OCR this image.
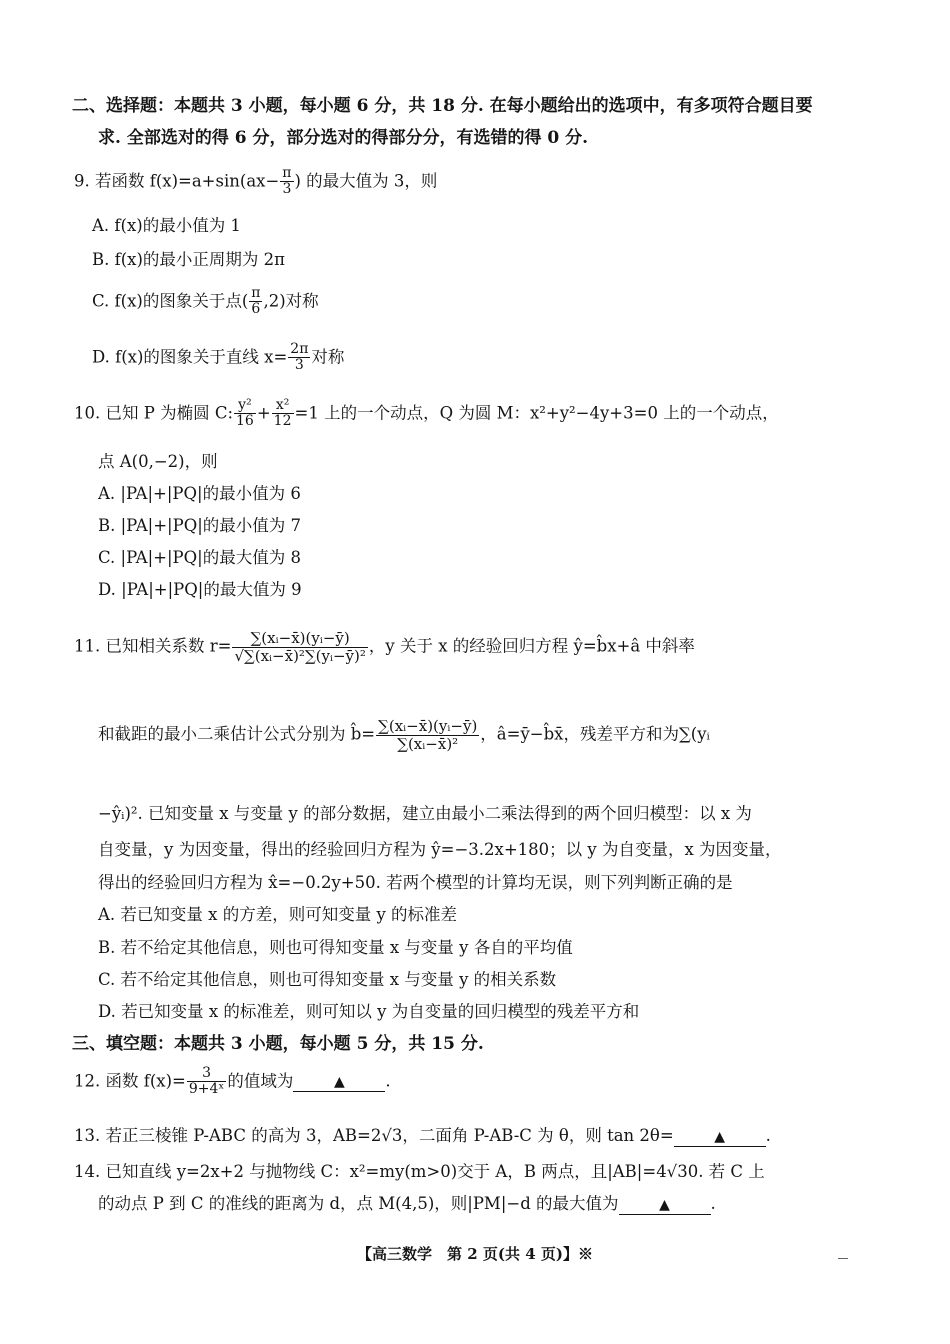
二、选择题：本题共 3 小题，每小题 6 分，共 18 分. 在每小题给出的选项中，有多项符合题目要
求. 全部选对的得 6 分，部分选对的得部分分，有选错的得 0 分.
9. 若函数 $f(x)=a+\sin(ax- \frac{\pi}{3}$ ) 的最大值为 3，则
A. f(x)的最小值为 1
B. f(x)的最小正周期为 2π
C. f(x)的图象关于点( $\frac{\pi}{6} ,2$)对称
D. f(x)的图象关于直线 $x= \frac{2\pi}{3}$ 对称
10. 已知 P 为椭圆 C: $\frac{\text{y²}}{16} + \frac{\text{x²}}{12} =1$ 上的一个动点，Q 为圆 M：x²+y²−4y+3=0 上的一个动点，
点 A(0,−2)，则
A. |PA|+|PQ|的最小值为 6
B. |PA|+|PQ|的最小值为 7
C. |PA|+|PQ|的最大值为 8
D. |PA|+|PQ|的最大值为 9
11. 已知相关系数 $r= \frac{\text{∑(xᵢ−x̄)(yᵢ−ȳ)}}{\text{√∑(xᵢ−x̄)²∑(yᵢ−ȳ)²}}$ ，y 关于 x 的经验回归方程 ŷ=b̂x+â 中斜率
和截距的最小二乘估计公式分别为 b̂= $\frac{\text{∑(xᵢ−x̄)(yᵢ−ȳ)}}{\text{∑(xᵢ−x̄)²}}$ ，â=ȳ−b̂x̄，残差平方和为∑(yᵢ
−ŷᵢ)². 已知变量 x 与变量 y 的部分数据，建立由最小二乘法得到的两个回归模型：以 x 为
自变量，y 为因变量，得出的经验回归方程为 ŷ=−3.2x+180；以 y 为自变量，x 为因变量，
得出的经验回归方程为 x̂=−0.2y+50. 若两个模型的计算均无误，则下列判断正确的是
A. 若已知变量 x 的方差，则可知变量 y 的标准差
B. 若不给定其他信息，则也可得知变量 x 与变量 y 各自的平均值
C. 若不给定其他信息，则也可得知变量 x 与变量 y 的相关系数
D. 若已知变量 x 的标准差，则可知以 y 为自变量的回归模型的残差平方和
三、填空题：本题共 3 小题，每小题 5 分，共 15 分.
12. 函数 $f(x)= \frac{3}{\text{9+4ˣ}}$ 的值域为	▲ .
13. 若正三棱锥 P-ABC 的高为 3，AB=2√3，二面角 P-AB-C 为 θ，则 tan 2θ=	▲ .
14. 已知直线 y=2x+2 与抛物线 C：x²=my(m>0)交于 A，B 两点，且|AB|=4√30. 若 C 上
的动点 P 到 C 的准线的距离为 d，点 M(4,5)，则|PM|−d 的最大值为	▲ .
【高三数学　第 2 页(共 4 页)】※
